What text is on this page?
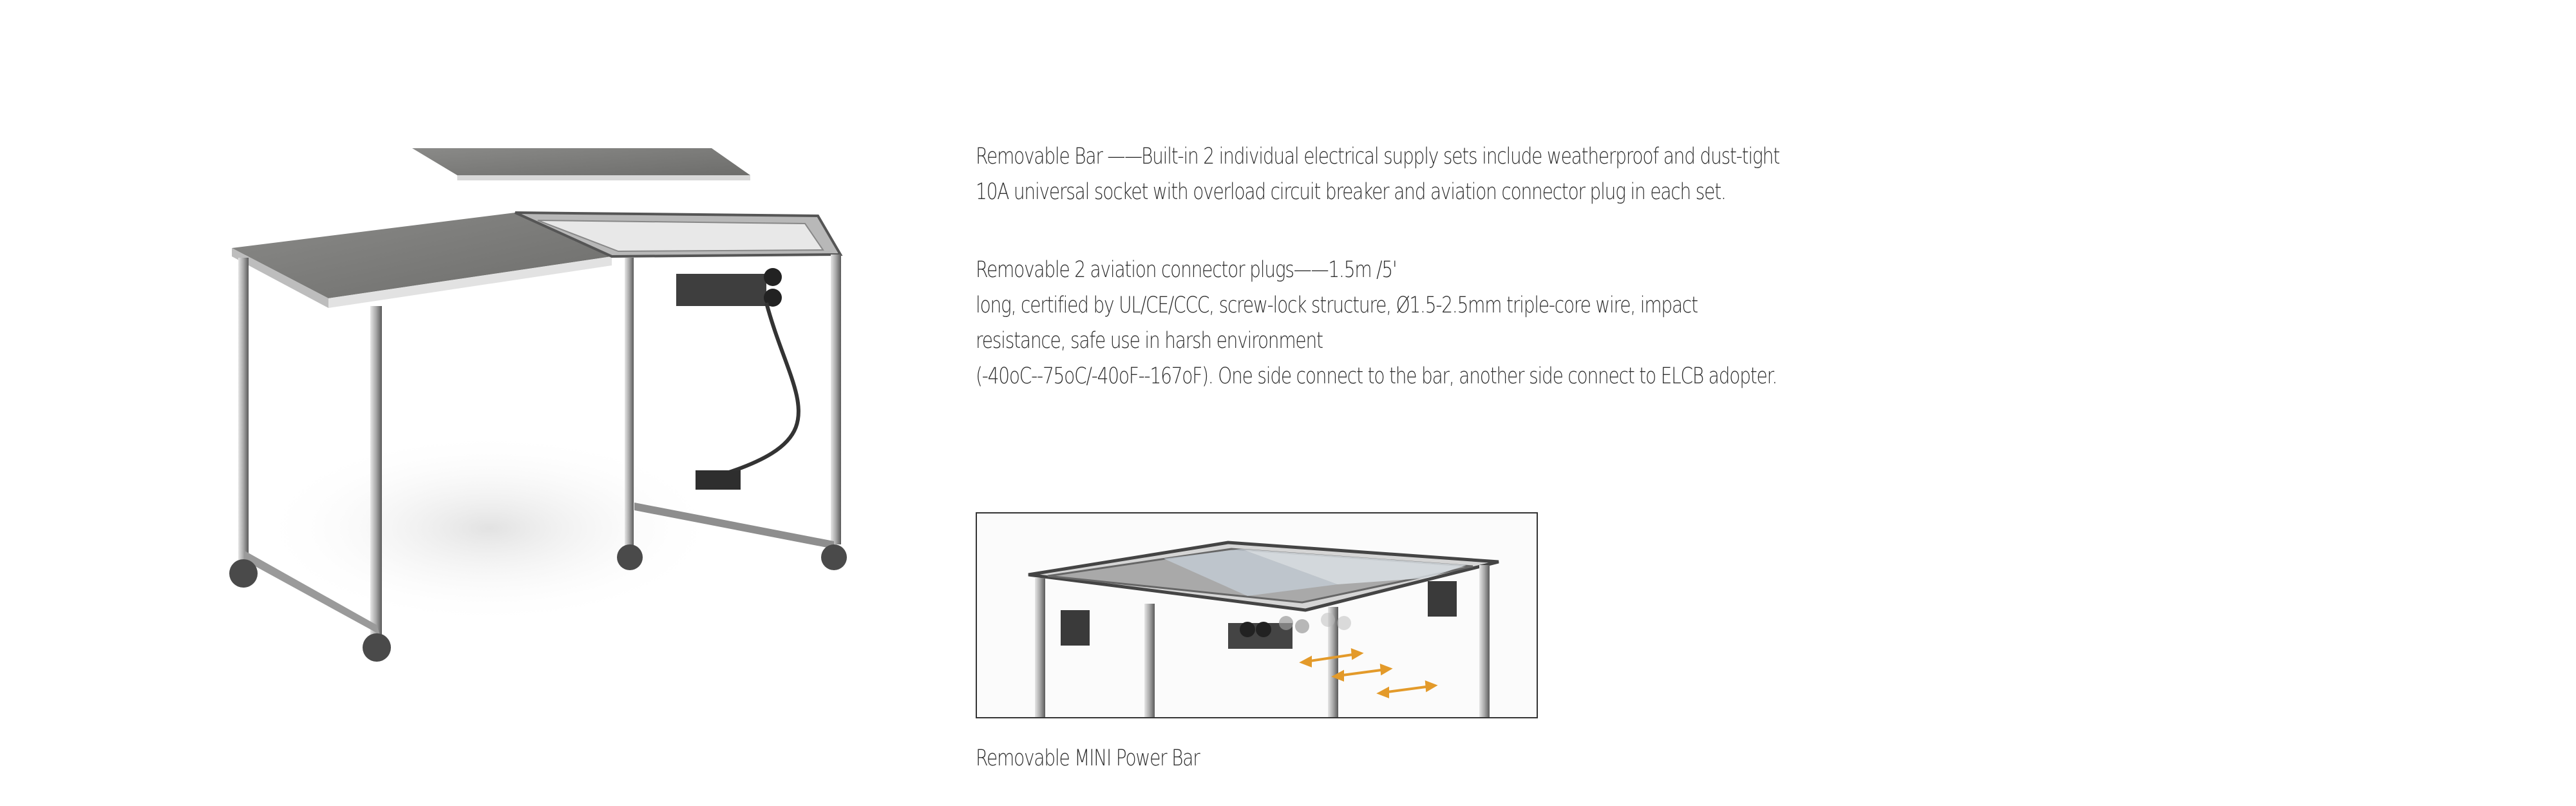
Removable Bar ——Built-in 2 individual electrical supply sets include weatherproof and dust-tight

10A universal socket with overload circuit breaker and aviation connector plug in each set.

Removable 2 aviation connector plugs——1.5m /5'

long, certified by UL/CE/CCC, screw-lock structure, Ø1.5-2.5mm triple-core wire, impact

resistance, safe use in harsh environment

(-40oC--75oC/-40oF--167oF). One side connect to the bar, another side connect to ELCB adopter.

Removable MINI Power Bar
